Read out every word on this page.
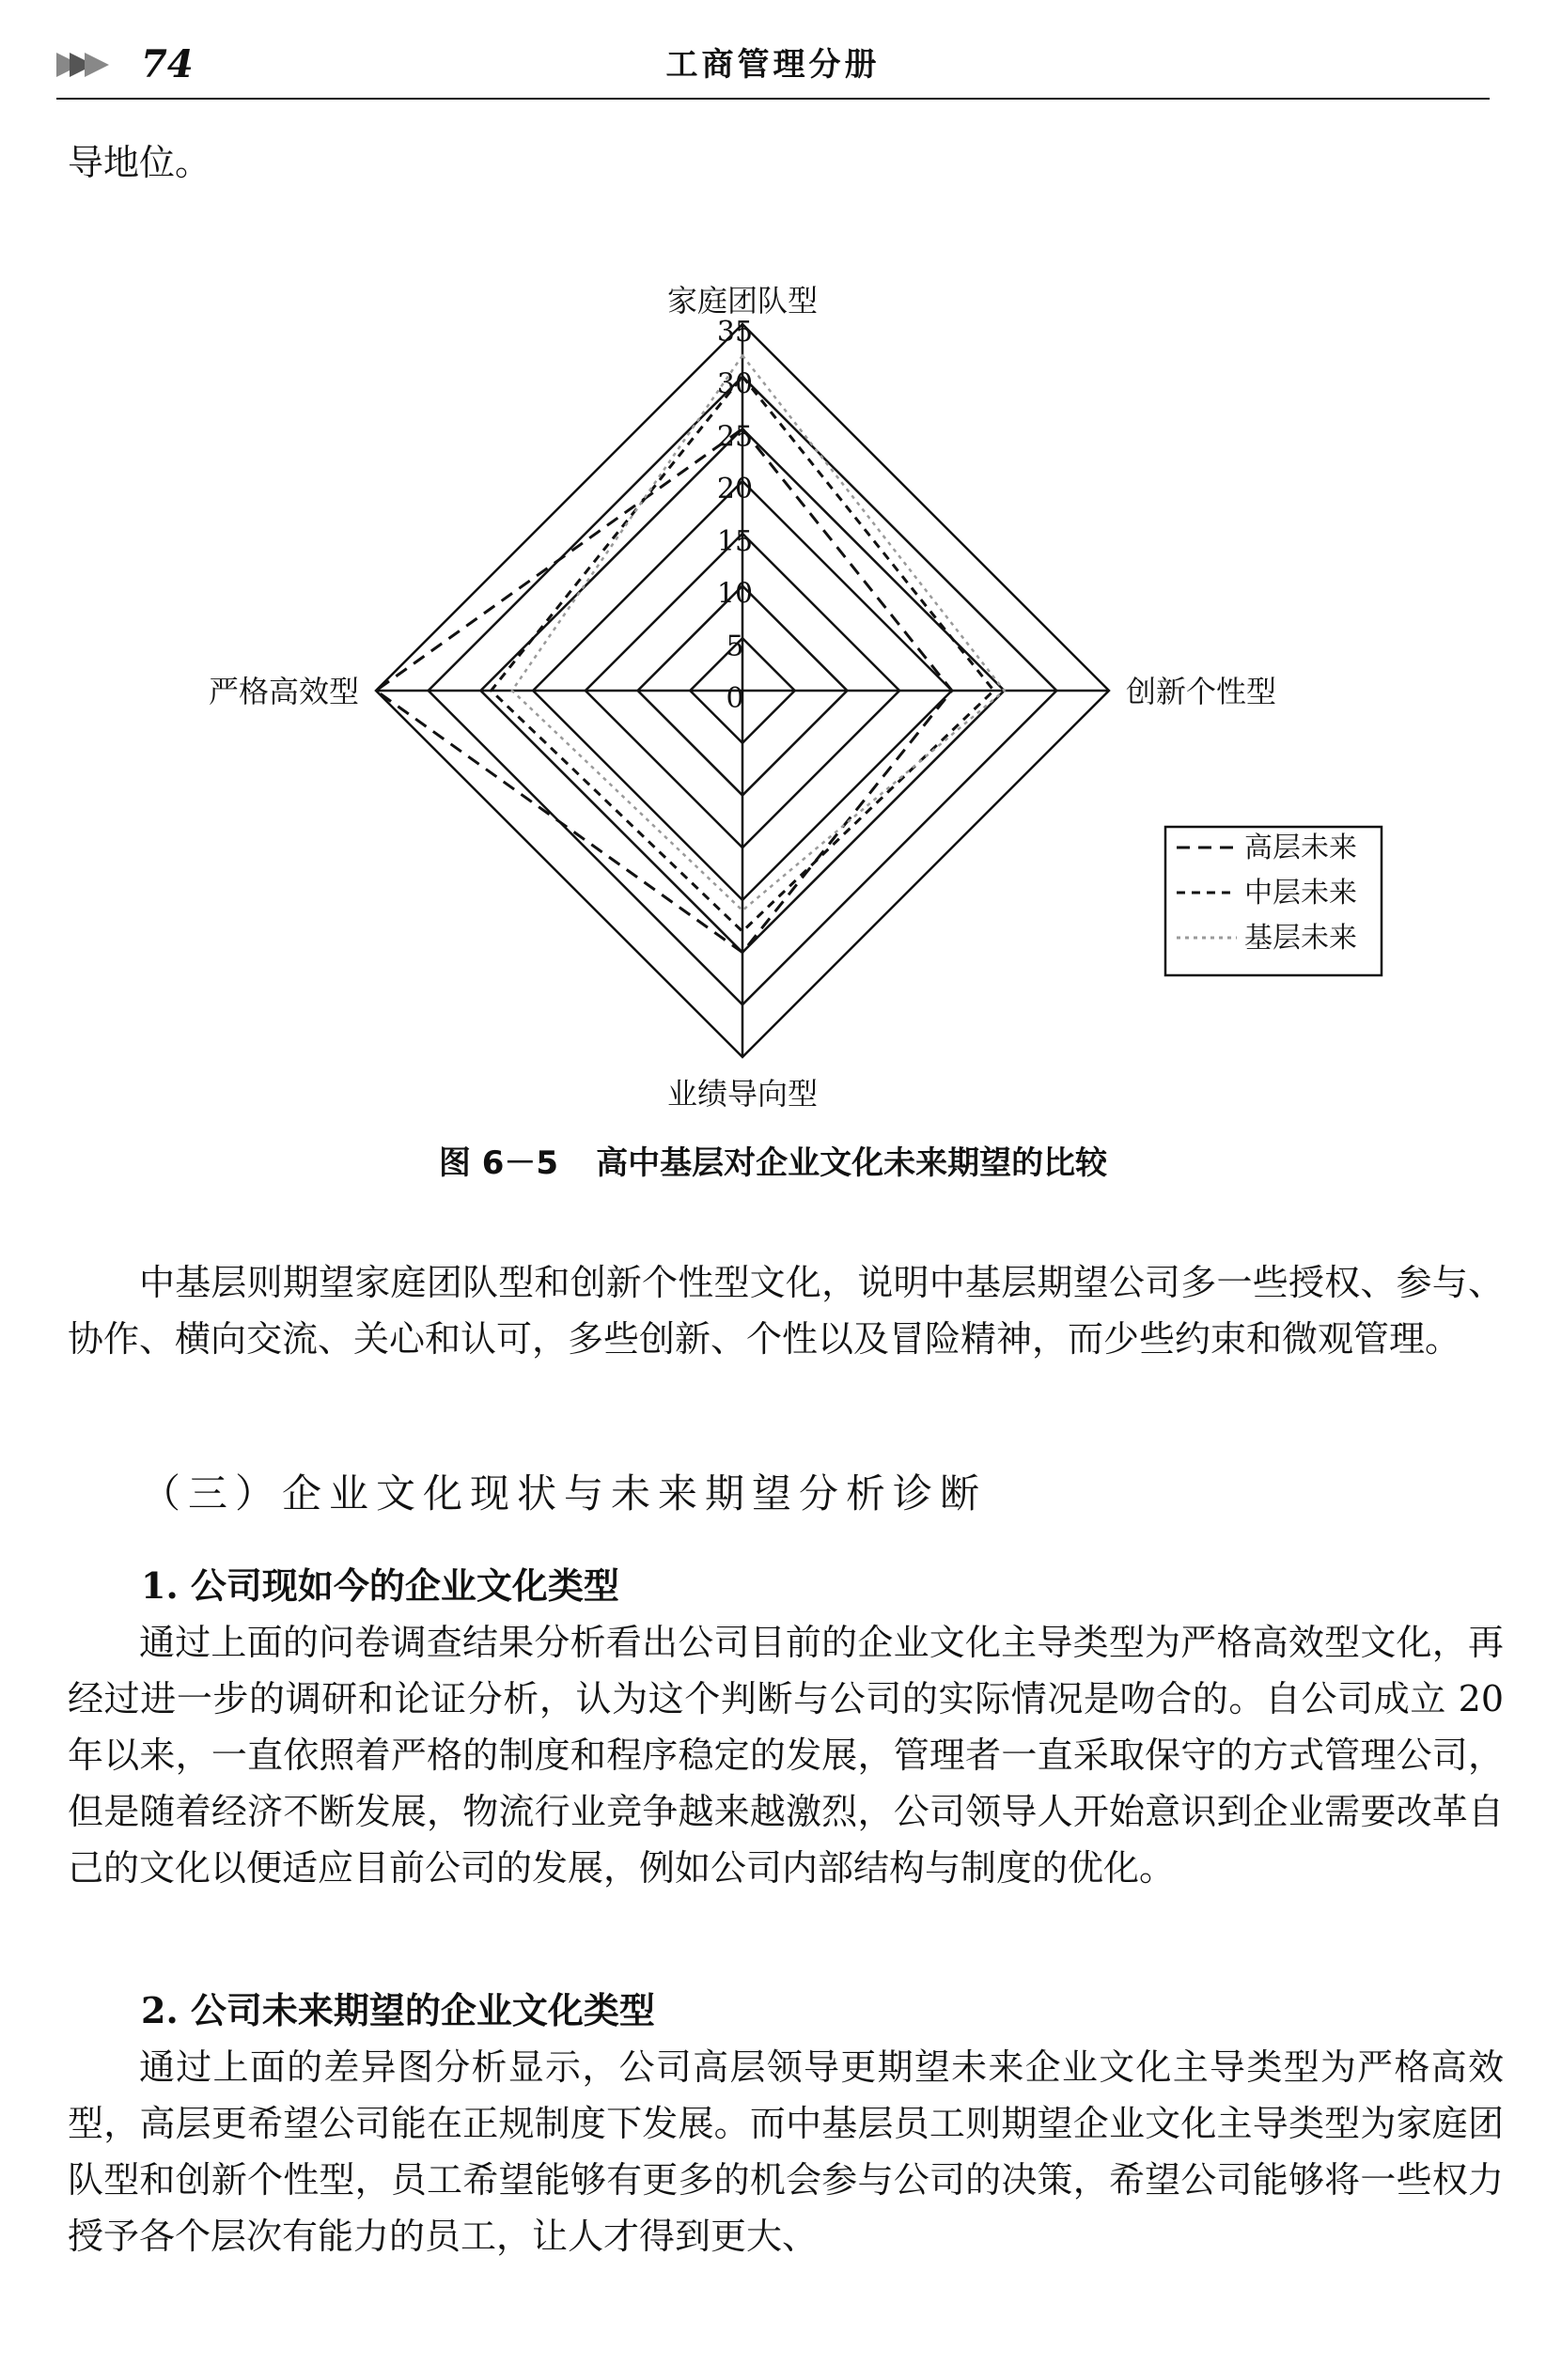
74	工商管理分册
导地位。
0
5
10
15
20
25
30
35
家庭团队型
创新个性型
业绩导向型
严格高效型
高层未来
中层未来
基层未来
图 6－5 高中基层对企业文化未来期望的比较

中基层则期望家庭团队型和创新个性型文化，说明中基层期望公司多一些授权、参与、协作、横向交流、关心和认可，多些创新、个性以及冒险精神，而少些约束和微观管理。

（三）企业文化现状与未来期望分析诊断
1. 公司现如今的企业文化类型

通过上面的问卷调查结果分析看出公司目前的企业文化主导类型为严格高效型文化，再经过进一步的调研和论证分析，认为这个判断与公司的实际情况是吻合的。自公司成立 20 年以来，一直依照着严格的制度和程序稳定的发展，管理者一直采取保守的方式管理公司，但是随着经济不断发展，物流行业竞争越来越激烈，公司领导人开始意识到企业需要改革自己的文化以便适应目前公司的发展，例如公司内部结构与制度的优化。

2. 公司未来期望的企业文化类型

通过上面的差异图分析显示，公司高层领导更期望未来企业文化主导类型为严格高效型，高层更希望公司能在正规制度下发展。而中基层员工则期望企业文化主导类型为家庭团队型和创新个性型，员工希望能够有更多的机会参与公司的决策，希望公司能够将一些权力授予各个层次有能力的员工，让人才得到更大、
